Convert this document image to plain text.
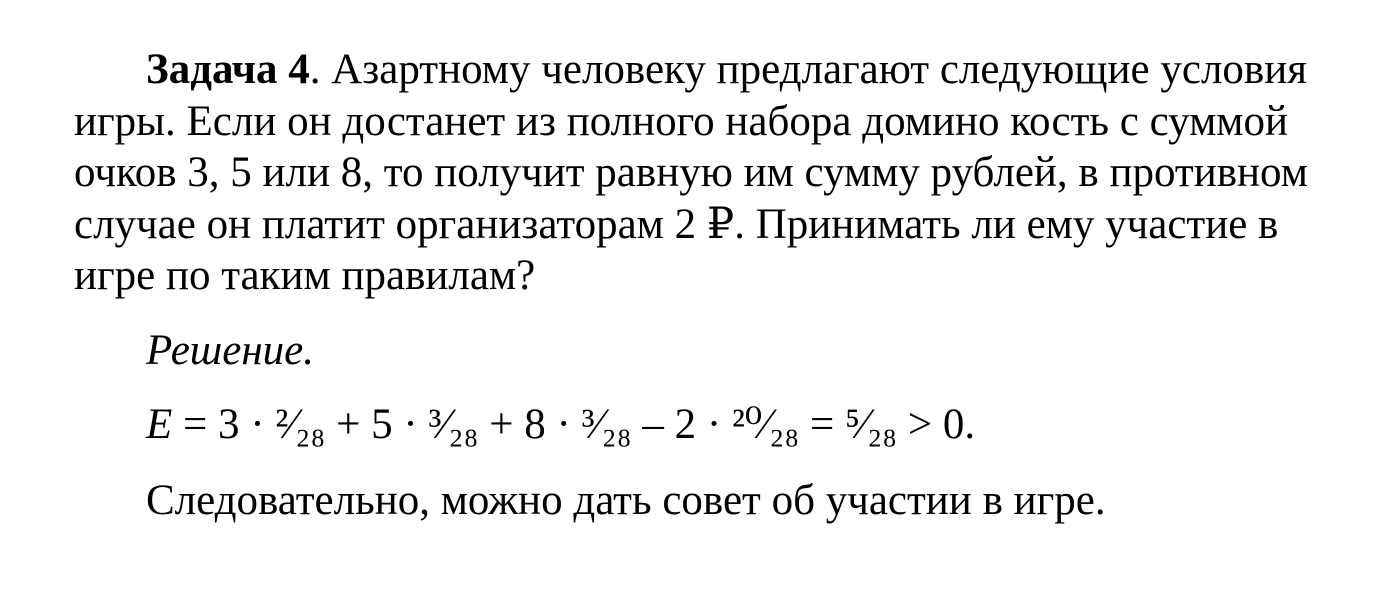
Задача 4. Азартному человеку предлагают следующие условия игры. Если он достанет из полного набора домино кость с суммой очков 3, 5 или 8, то получит равную им сумму рублей, в противном случае он платит организаторам 2 ₽. Принимать ли ему участие в игре по таким правилам?

Решение.

E = 3 · ²⁄₂₈ + 5 · ³⁄₂₈ + 8 · ³⁄₂₈ – 2 · ²⁰⁄₂₈ = ⁵⁄₂₈ > 0.

Следовательно, можно дать совет об участии в игре.
